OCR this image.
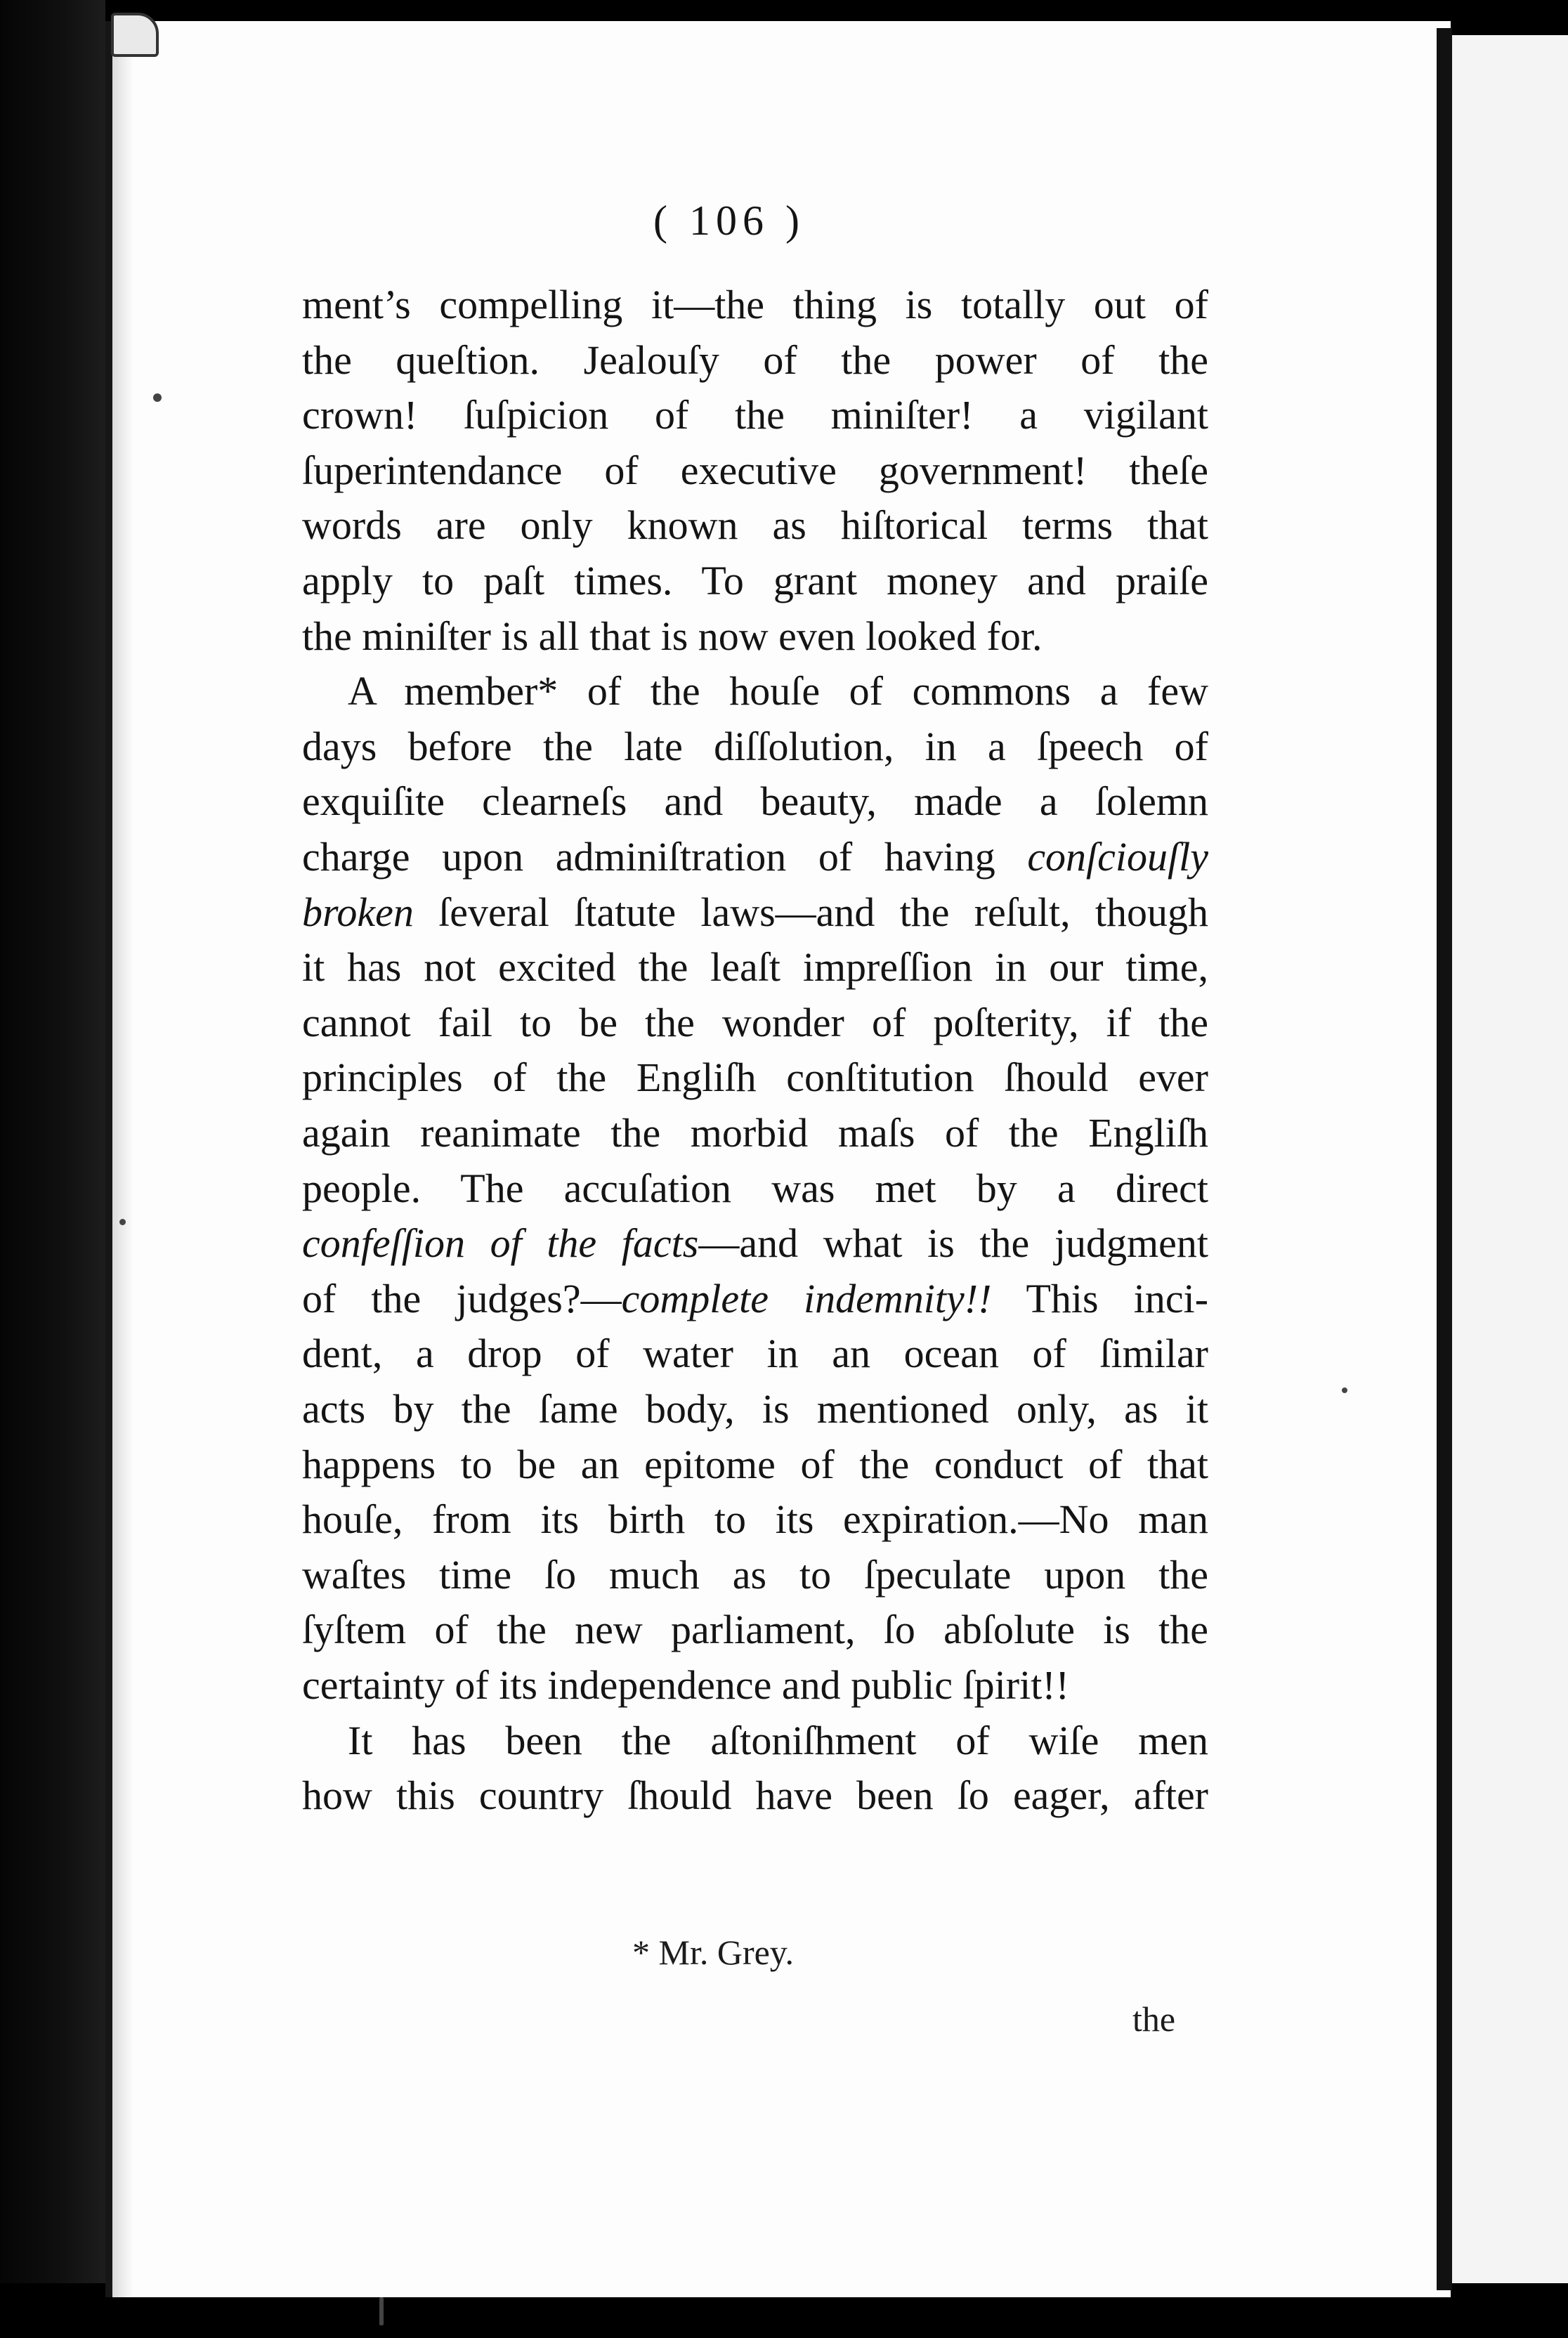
( 106 )
ment’s compelling it—the thing is totally out of
the queſtion. Jealouſy of the power of the
crown! ſuſpicion of the miniſter! a vigilant
ſuperintendance of executive government! theſe
words are only known as hiſtorical terms that
apply to paſt times. To grant money and praiſe
the miniſter is all that is now even looked for.
A member* of the houſe of commons a few
days before the late diſſolution, in a ſpeech of
exquiſite clearneſs and beauty, made a ſolemn
charge upon adminiſtration of having conſciouſly
broken ſeveral ſtatute laws—and the reſult, though
it has not excited the leaſt impreſſion in our time,
cannot fail to be the wonder of poſterity, if the
principles of the Engliſh conſtitution ſhould ever
again reanimate the morbid maſs of the Engliſh
people. The accuſation was met by a direct
confeſſion of the facts—and what is the judgment
of the judges?—complete indemnity!! This inci-
dent, a drop of water in an ocean of ſimilar
acts by the ſame body, is mentioned only, as it
happens to be an epitome of the conduct of that
houſe, from its birth to its expiration.—No man
waſtes time ſo much as to ſpeculate upon the
ſyſtem of the new parliament, ſo abſolute is the
certainty of its independence and public ſpirit!!
It has been the aſtoniſhment of wiſe men
how this country ſhould have been ſo eager, after
* Mr. Grey.
the
